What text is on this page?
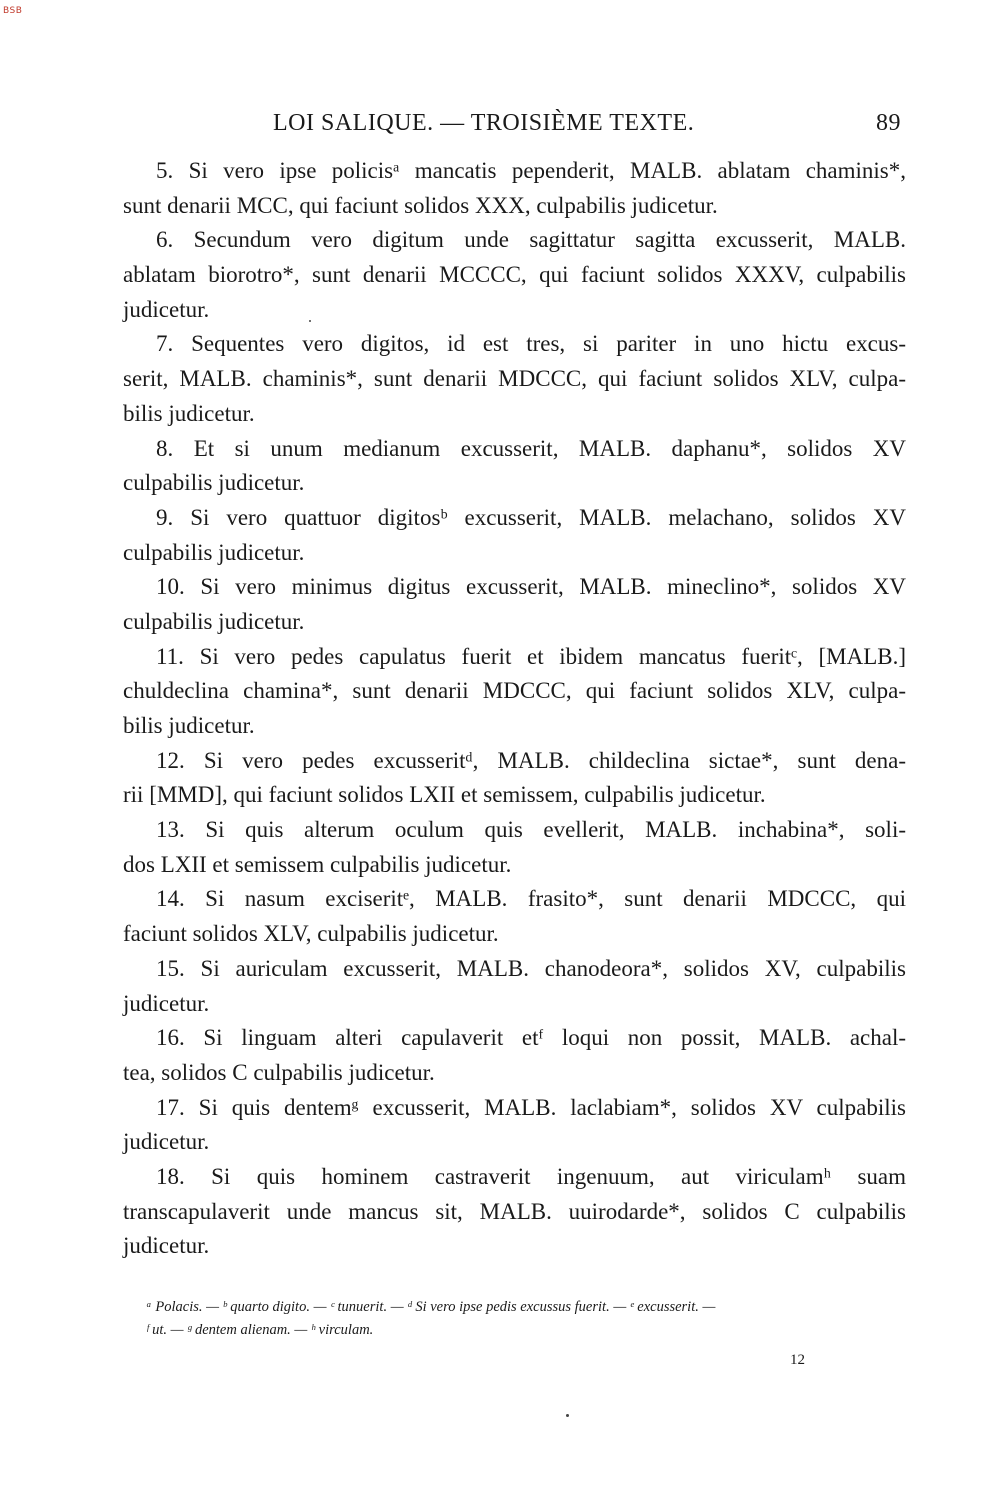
BSB
LOI SALIQUE. — TROISIÈME TEXTE.	89
5. Si vero ipse policisᵃ mancatis pependerit, MALB. ablatam chaminis*,
sunt denarii MCC, qui faciunt solidos XXX, culpabilis judicetur.
6. Secundum vero digitum unde sagittatur sagitta excusserit, MALB.
ablatam biorotro*, sunt denarii MCCCC, qui faciunt solidos XXXV, culpabilis
judicetur.
7. Sequentes vero digitos, id est tres, si pariter in uno hictu excus-
serit, MALB. chaminis*, sunt denarii MDCCC, qui faciunt solidos XLV, culpa-
bilis judicetur.
8. Et si unum medianum excusserit, MALB. daphanu*, solidos XV
culpabilis judicetur.
9. Si vero quattuor digitosᵇ excusserit, MALB. melachano, solidos XV
culpabilis judicetur.
10. Si vero minimus digitus excusserit, MALB. mineclino*, solidos XV
culpabilis judicetur.
11. Si vero pedes capulatus fuerit et ibidem mancatus fueritᶜ, [MALB.]
chuldeclina chamina*, sunt denarii MDCCC, qui faciunt solidos XLV, culpa-
bilis judicetur.
12. Si vero pedes excusseritᵈ, MALB. childeclina sictae*, sunt dena-
rii [MMD], qui faciunt solidos LXII et semissem, culpabilis judicetur.
13. Si quis alterum oculum quis evellerit, MALB. inchabina*, soli-
dos LXII et semissem culpabilis judicetur.
14. Si nasum exciseritᵉ, MALB. frasito*, sunt denarii MDCCC, qui
faciunt solidos XLV, culpabilis judicetur.
15. Si auriculam excusserit, MALB. chanodeora*, solidos XV, culpabilis
judicetur.
16. Si linguam alteri capulaverit etᶠ loqui non possit, MALB. achal-
tea, solidos C culpabilis judicetur.
17. Si quis dentemᵍ excusserit, MALB. laclabiam*, solidos XV culpabilis
judicetur.
18. Si quis hominem castraverit ingenuum, aut viriculamʰ suam
transcapulaverit unde mancus sit, MALB. uuirodarde*, solidos C culpabilis
judicetur.
ᵃ Polacis. — ᵇ quarto digito. — ᶜ tunuerit. — ᵈ Si vero ipse pedis excussus fuerit. — ᵉ excusserit. —
ᶠ ut. — ᵍ dentem alienam. — ʰ virculam.
12
